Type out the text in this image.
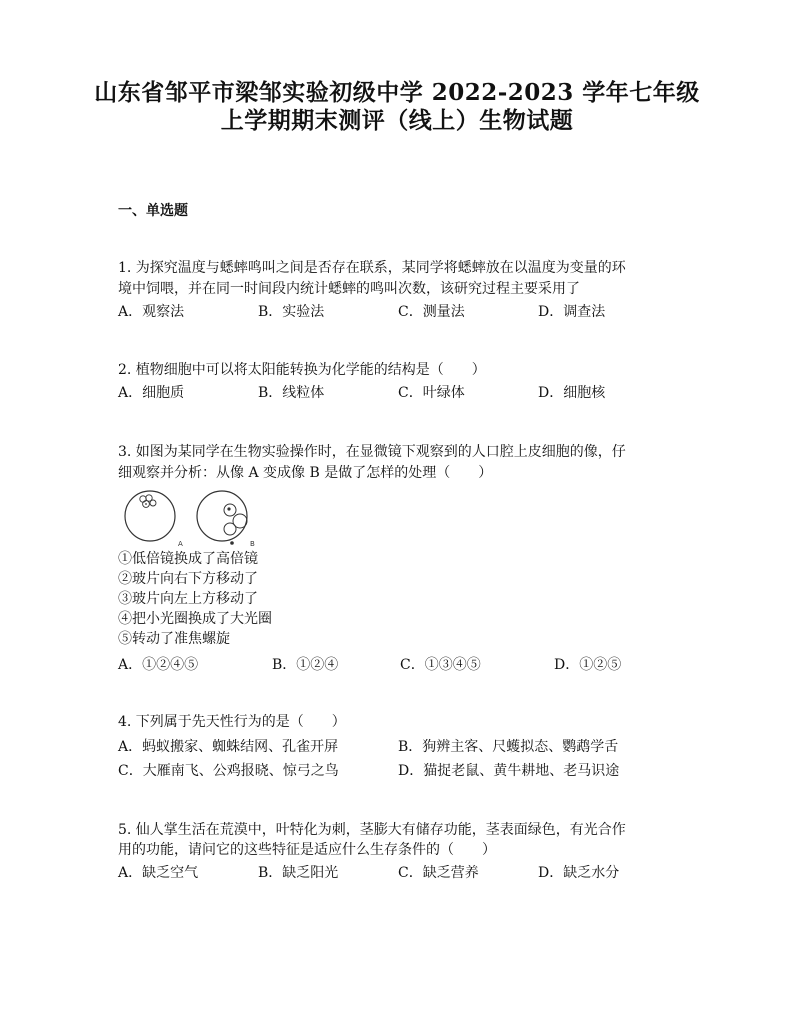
山东省邹平市梁邹实验初级中学 2022-2023 学年七年级
上学期期末测评（线上）生物试题
一、单选题
1. 为探究温度与蟋蟀鸣叫之间是否存在联系，某同学将蟋蟀放在以温度为变量的环
境中饲喂，并在同一时间段内统计蟋蟀的鸣叫次数，该研究过程主要采用了
A．观察法	B．实验法	C．测量法	D．调查法
2. 植物细胞中可以将太阳能转换为化学能的结构是（　　）
A．细胞质	B．线粒体	C．叶绿体	D．细胞核
3. 如图为某同学在生物实验操作时，在显微镜下观察到的人口腔上皮细胞的像，仔
细观察并分析：从像 A 变成像 B 是做了怎样的处理（　　）
A	B
①低倍镜换成了高倍镜
②玻片向右下方移动了
③玻片向左上方移动了
④把小光圈换成了大光圈
⑤转动了准焦螺旋
A．①②④⑤	B．①②④	C．①③④⑤	D．①②⑤
4. 下列属于先天性行为的是（　　）
A．蚂蚁搬家、蜘蛛结网、孔雀开屏	B．狗辨主客、尺蠖拟态、鹦鹉学舌
C．大雁南飞、公鸡报晓、惊弓之鸟	D．猫捉老鼠、黄牛耕地、老马识途
5. 仙人掌生活在荒漠中，叶特化为刺，茎膨大有储存功能，茎表面绿色，有光合作
用的功能，请问它的这些特征是适应什么生存条件的（　　）
A．缺乏空气	B．缺乏阳光	C．缺乏营养	D．缺乏水分
